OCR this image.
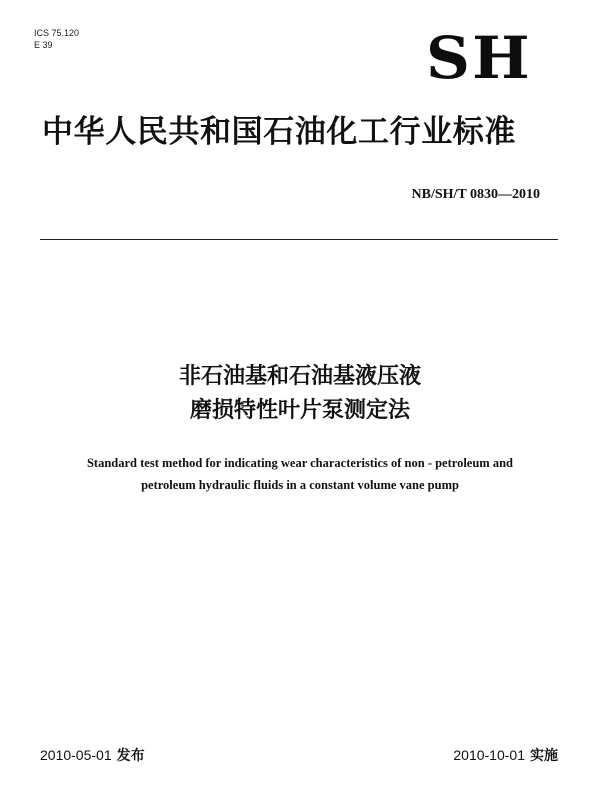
ICS 75.120
E 39	SH
中华人民共和国石油化工行业标准
NB/SH/T 0830—2010
非石油基和石油基液压液
磨损特性叶片泵测定法
Standard test method for indicating wear characteristics of non - petroleum and
petroleum hydraulic fluids in a constant volume vane pump
2010-05-01 发布	2010-10-01 实施
